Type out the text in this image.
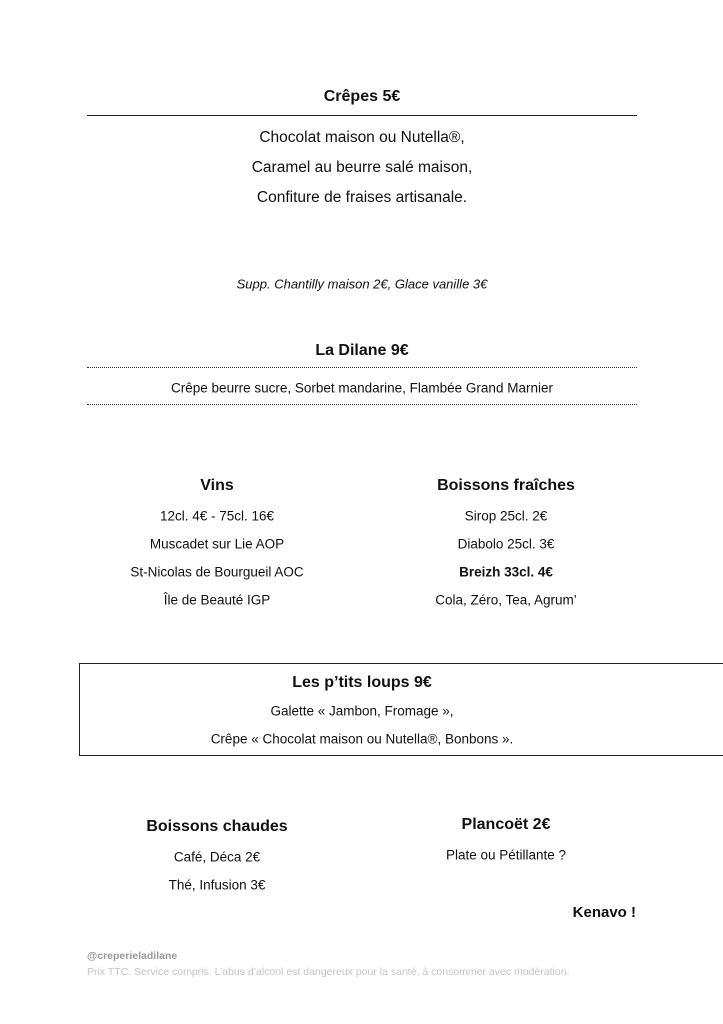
Crêpes 5€
Chocolat maison ou Nutella®,
Caramel au beurre salé maison,
Confiture de fraises artisanale.
Supp. Chantilly maison 2€, Glace vanille 3€
La Dilane 9€
Crêpe beurre sucre, Sorbet mandarine, Flambée Grand Marnier
Vins
12cl. 4€ - 75cl. 16€
Muscadet sur Lie AOP
St-Nicolas de Bourgueil AOC
Île de Beauté IGP
Boissons fraîches
Sirop 25cl. 2€
Diabolo 25cl. 3€
Breizh 33cl. 4€
Cola, Zéro, Tea, Agrum’
Les p’tits loups 9€
Galette « Jambon, Fromage »,
Crêpe « Chocolat maison ou Nutella®, Bonbons ».
Boissons chaudes
Café, Déca 2€
Thé, Infusion 3€
Plancoët 2€
Plate ou Pétillante ?
Kenavo !
@creperieladilane
Prix TTC. Service compris. L’abus d’alcool est dangereux pour la santé, à consommer avec modération.
